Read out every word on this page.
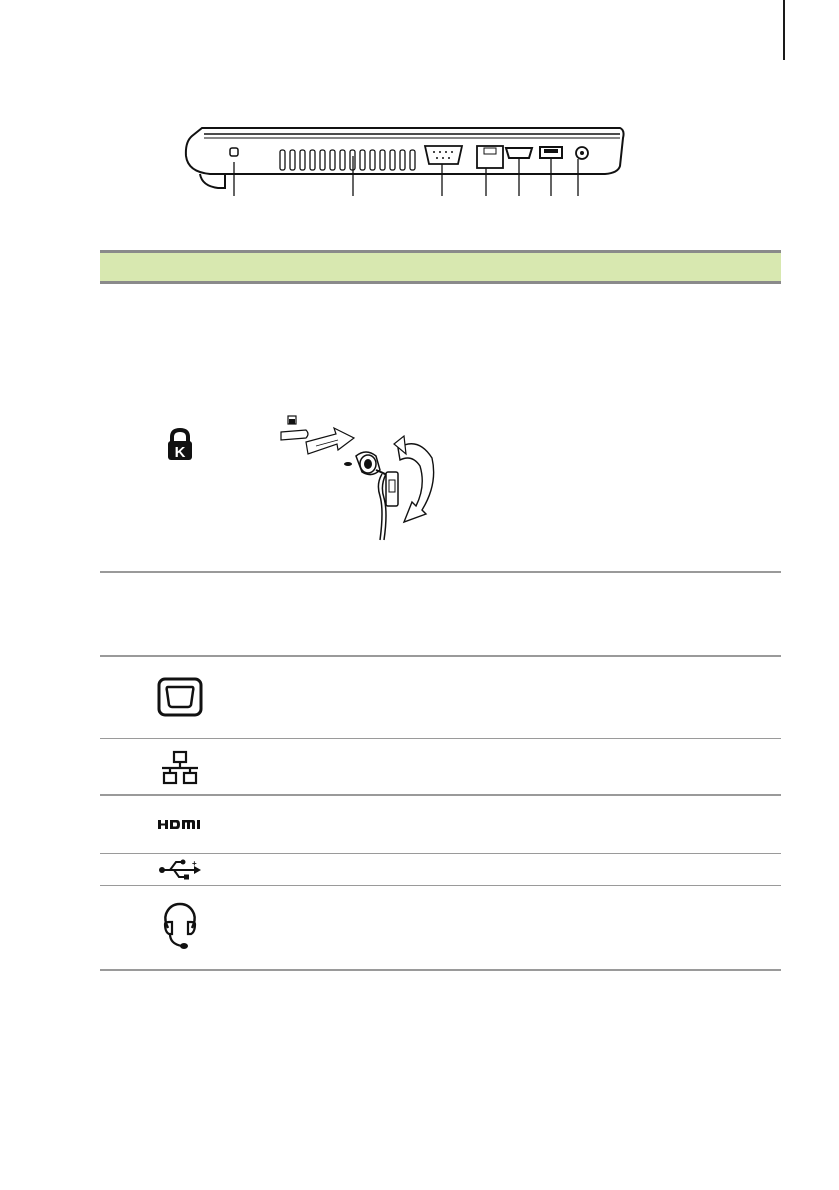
K
+
